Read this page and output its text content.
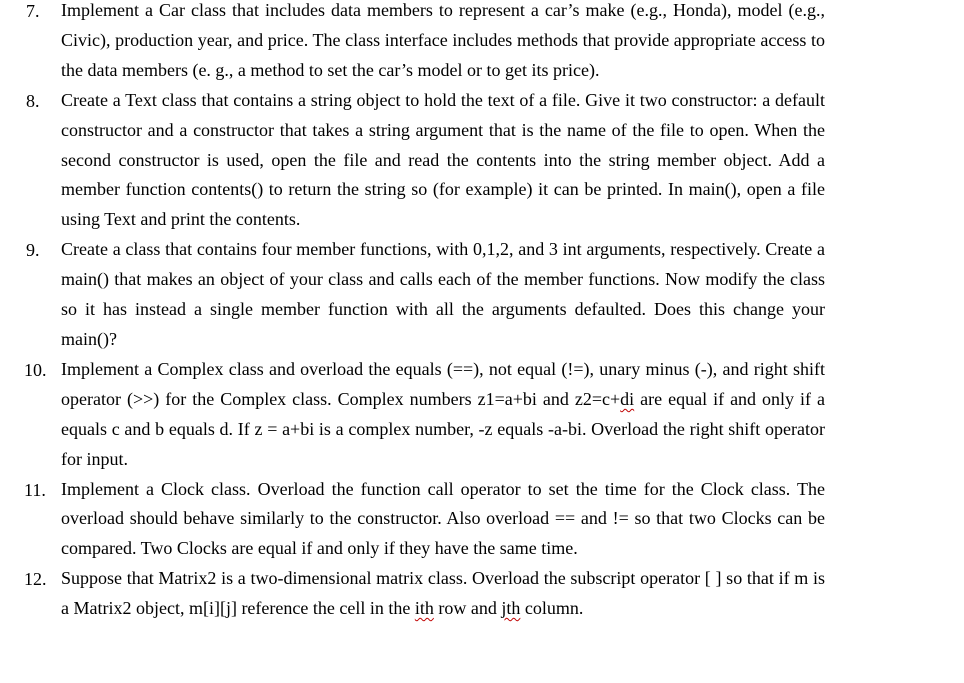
7.	Implement a Car class that includes data members to represent a car’s make (e.g., Honda), model (e.g., Civic), production year, and price. The class interface includes methods that provide appropriate access to the data members (e. g., a method to set the car’s model or to get its price).
8.	Create a Text class that contains a string object to hold the text of a file. Give it two constructor: a default constructor and a constructor that takes a string argument that is the name of the file to open. When the second constructor is used, open the file and read the contents into the string member object. Add a member function contents() to return the string so (for example) it can be printed. In main(), open a file using Text and print the contents.
9.	Create a class that contains four member functions, with 0,1,2, and 3 int arguments, respectively. Create a main() that makes an object of your class and calls each of the member functions. Now modify the class so it has instead a single member function with all the arguments defaulted. Does this change your main()?
10. Implement a Complex class and overload the equals (==), not equal (!=), unary minus (-), and right shift operator (>>) for the Complex class. Complex numbers z1=a+bi and z2=c+di are equal if and only if a equals c and b equals d. If z = a+bi is a complex number, -z equals -a-bi. Overload the right shift operator for input.
11. Implement a Clock class. Overload the function call operator to set the time for the Clock class. The overload should behave similarly to the constructor. Also overload == and != so that two Clocks can be compared. Two Clocks are equal if and only if they have the same time.
12. Suppose that Matrix2 is a two-dimensional matrix class. Overload the subscript operator [ ] so that if m is a Matrix2 object, m[i][j] reference the cell in the ith row and jth column.
